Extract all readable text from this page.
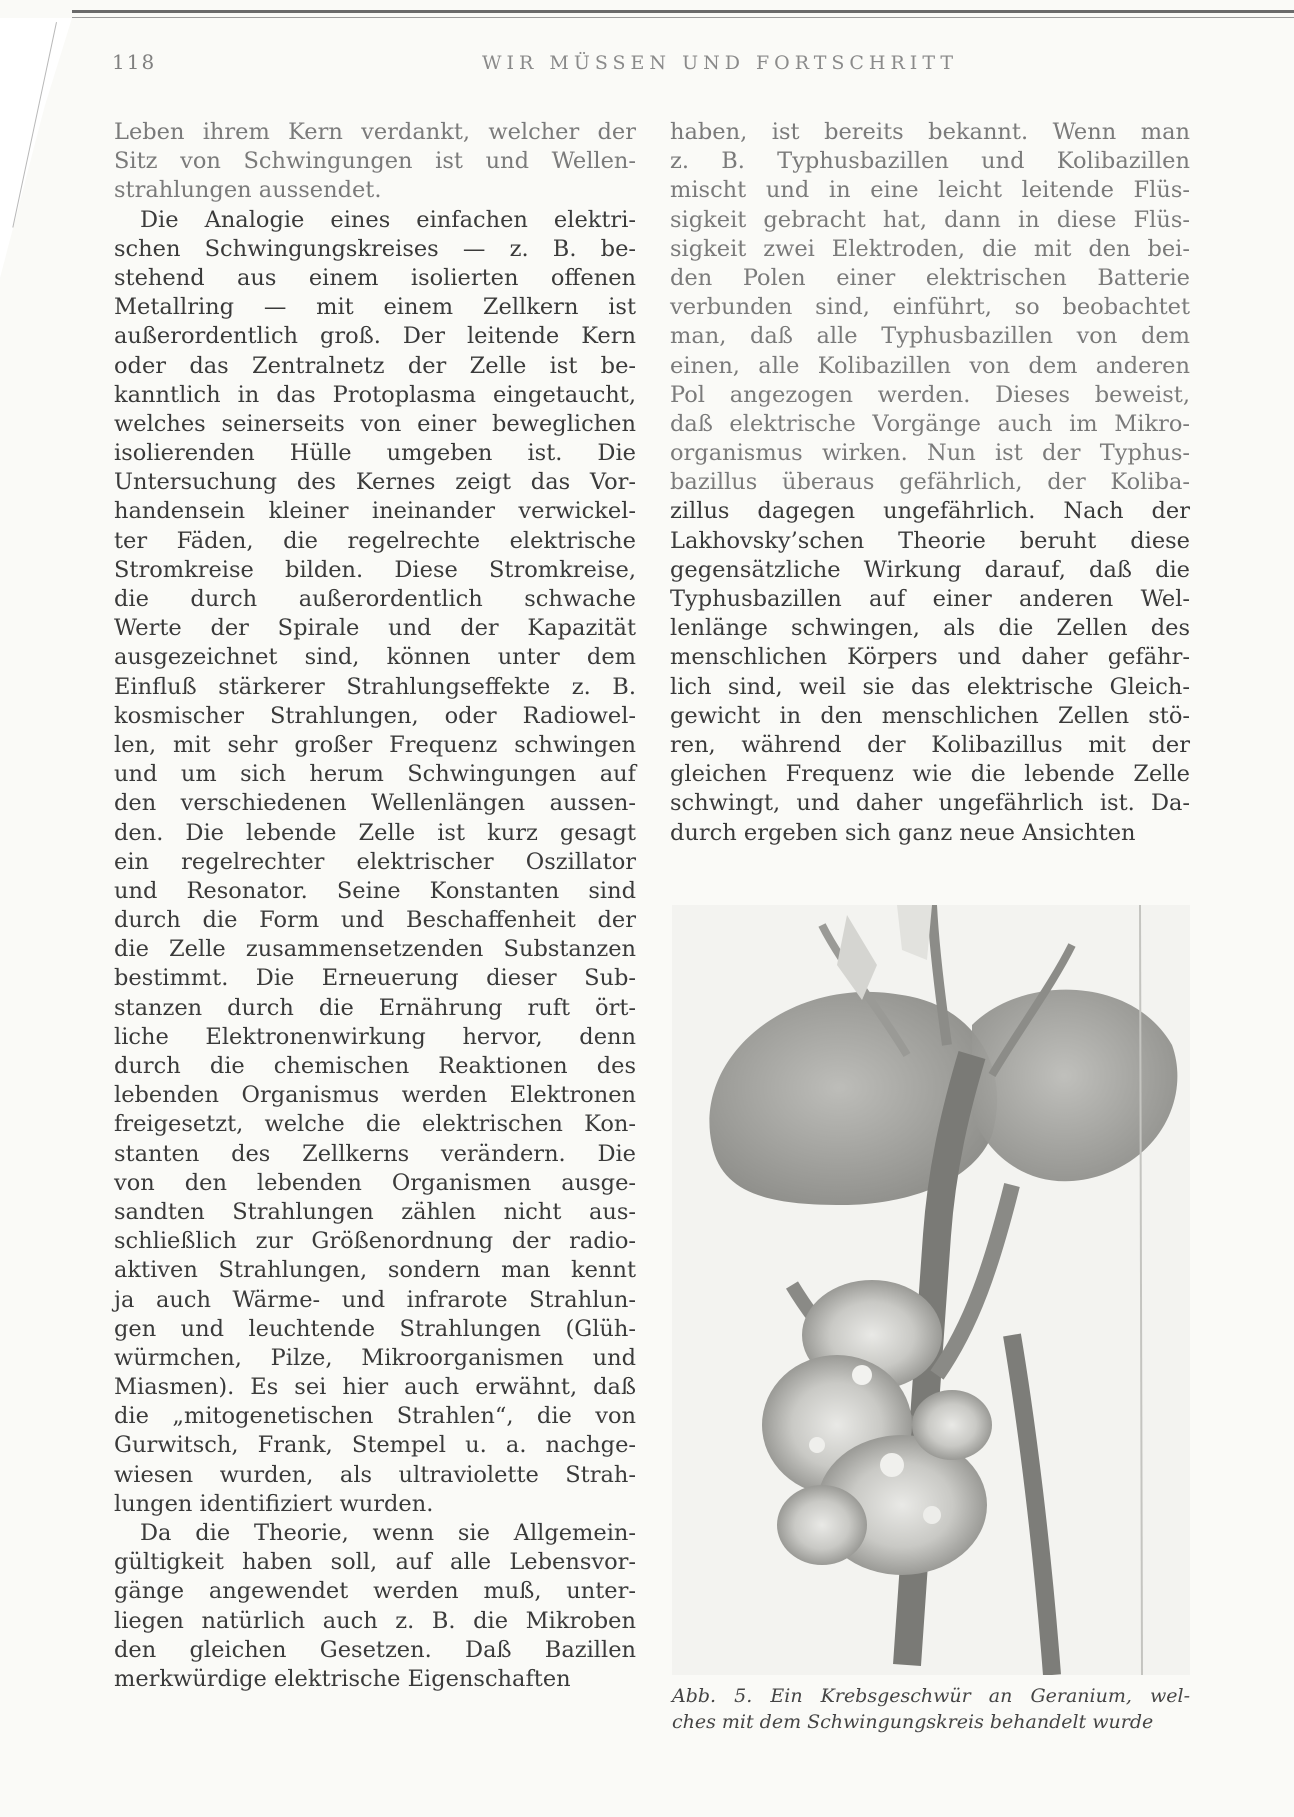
118	WIR MÜSSEN UND FORTSCHRITT
Leben ihrem Kern verdankt, welcher der
Sitz von Schwingungen ist und Wellen-
strahlungen aussendet.
Die Analogie eines einfachen elektri-
schen Schwingungskreises — z. B. be-
stehend aus einem isolierten offenen
Metallring — mit einem Zellkern ist
außerordentlich groß. Der leitende Kern
oder das Zentralnetz der Zelle ist be-
kanntlich in das Protoplasma eingetaucht,
welches seinerseits von einer beweglichen
isolierenden Hülle umgeben ist. Die
Untersuchung des Kernes zeigt das Vor-
handensein kleiner ineinander verwickel-
ter Fäden, die regelrechte elektrische
Stromkreise bilden. Diese Stromkreise,
die durch außerordentlich schwache
Werte der Spirale und der Kapazität
ausgezeichnet sind, können unter dem
Einfluß stärkerer Strahlungseffekte z. B.
kosmischer Strahlungen, oder Radiowel-
len, mit sehr großer Frequenz schwingen
und um sich herum Schwingungen auf
den verschiedenen Wellenlängen aussen-
den. Die lebende Zelle ist kurz gesagt
ein regelrechter elektrischer Oszillator
und Resonator. Seine Konstanten sind
durch die Form und Beschaffenheit der
die Zelle zusammensetzenden Substanzen
bestimmt. Die Erneuerung dieser Sub-
stanzen durch die Ernährung ruft ört-
liche Elektronenwirkung hervor, denn
durch die chemischen Reaktionen des
lebenden Organismus werden Elektronen
freigesetzt, welche die elektrischen Kon-
stanten des Zellkerns verändern. Die
von den lebenden Organismen ausge-
sandten Strahlungen zählen nicht aus-
schließlich zur Größenordnung der radio-
aktiven Strahlungen, sondern man kennt
ja auch Wärme- und infrarote Strahlun-
gen und leuchtende Strahlungen (Glüh-
würmchen, Pilze, Mikroorganismen und
Miasmen). Es sei hier auch erwähnt, daß
die „mitogenetischen Strahlen“, die von
Gurwitsch, Frank, Stempel u. a. nachge-
wiesen wurden, als ultraviolette Strah-
lungen identifiziert wurden.
Da die Theorie, wenn sie Allgemein-
gültigkeit haben soll, auf alle Lebensvor-
gänge angewendet werden muß, unter-
liegen natürlich auch z. B. die Mikroben
den gleichen Gesetzen. Daß Bazillen
merkwürdige elektrische Eigenschaften
haben, ist bereits bekannt. Wenn man
z. B. Typhusbazillen und Kolibazillen
mischt und in eine leicht leitende Flüs-
sigkeit gebracht hat, dann in diese Flüs-
sigkeit zwei Elektroden, die mit den bei-
den Polen einer elektrischen Batterie
verbunden sind, einführt, so beobachtet
man, daß alle Typhusbazillen von dem
einen, alle Kolibazillen von dem anderen
Pol angezogen werden. Dieses beweist,
daß elektrische Vorgänge auch im Mikro-
organismus wirken. Nun ist der Typhus-
bazillus überaus gefährlich, der Koliba-
zillus dagegen ungefährlich. Nach der
Lakhovsky’schen Theorie beruht diese
gegensätzliche Wirkung darauf, daß die
Typhusbazillen auf einer anderen Wel-
lenlänge schwingen, als die Zellen des
menschlichen Körpers und daher gefähr-
lich sind, weil sie das elektrische Gleich-
gewicht in den menschlichen Zellen stö-
ren, während der Kolibazillus mit der
gleichen Frequenz wie die lebende Zelle
schwingt, und daher ungefährlich ist. Da-
durch ergeben sich ganz neue Ansichten
Abb. 5. Ein Krebsgeschwür an Geranium, wel-
ches mit dem Schwingungskreis behandelt wurde
